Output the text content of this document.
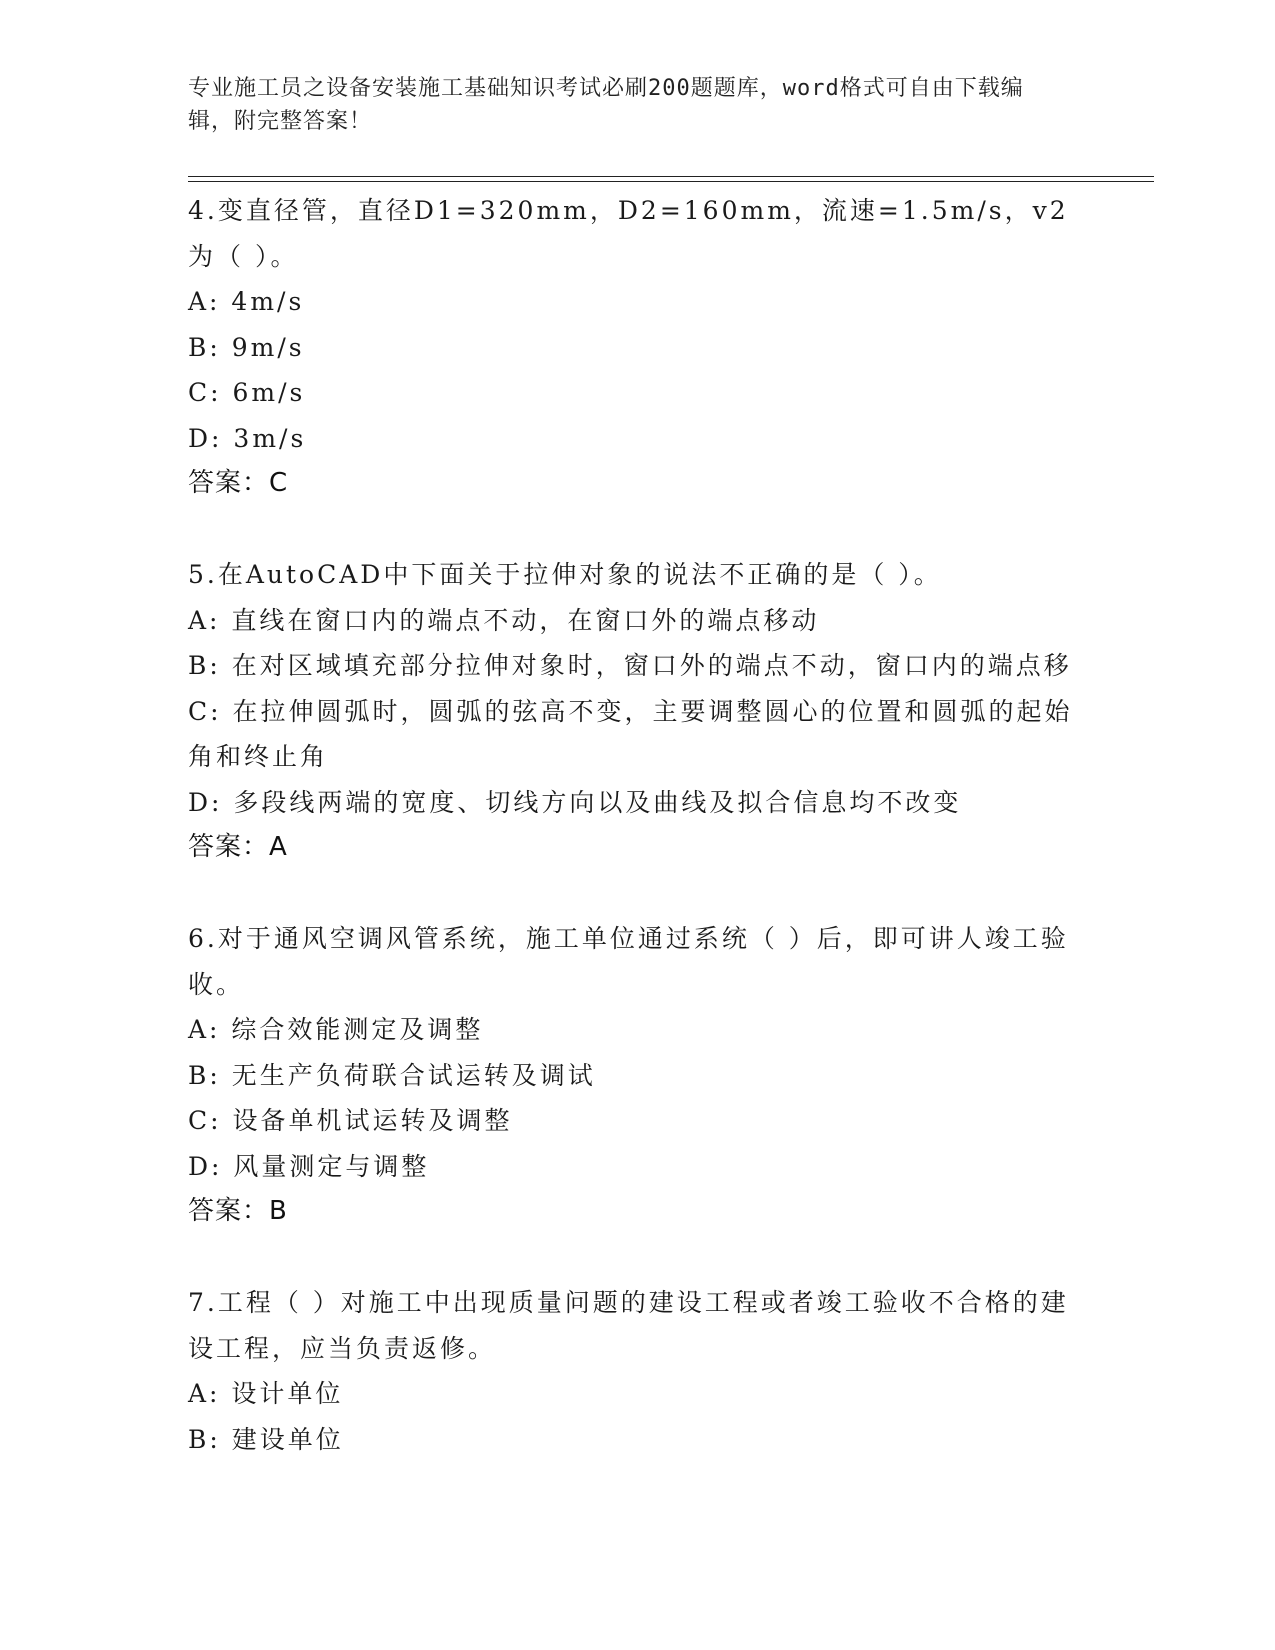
专业施工员之设备安装施工基础知识考试必刷200题题库，word格式可自由下载编辑，附完整答案！
4.变直径管，直径D1=320mm，D2=160mm，流速=1.5m/s，v2为（ ）。
A: 4m/s
B: 9m/s
C: 6m/s
D: 3m/s
答案：C
5.在AutoCAD中下面关于拉伸对象的说法不正确的是（ ）。
A: 直线在窗口内的端点不动，在窗口外的端点移动
B: 在对区域填充部分拉伸对象时，窗口外的端点不动，窗口内的端点移
C: 在拉伸圆弧时，圆弧的弦高不变，主要调整圆心的位置和圆弧的起始角和终止角
D: 多段线两端的宽度、切线方向以及曲线及拟合信息均不改变
答案：A
6.对于通风空调风管系统，施工单位通过系统（ ）后，即可讲人竣工验收。
A: 综合效能测定及调整
B: 无生产负荷联合试运转及调试
C: 设备单机试运转及调整
D: 风量测定与调整
答案：B
7.工程（ ）对施工中出现质量问题的建设工程或者竣工验收不合格的建设工程，应当负责返修。
A: 设计单位
B: 建设单位
